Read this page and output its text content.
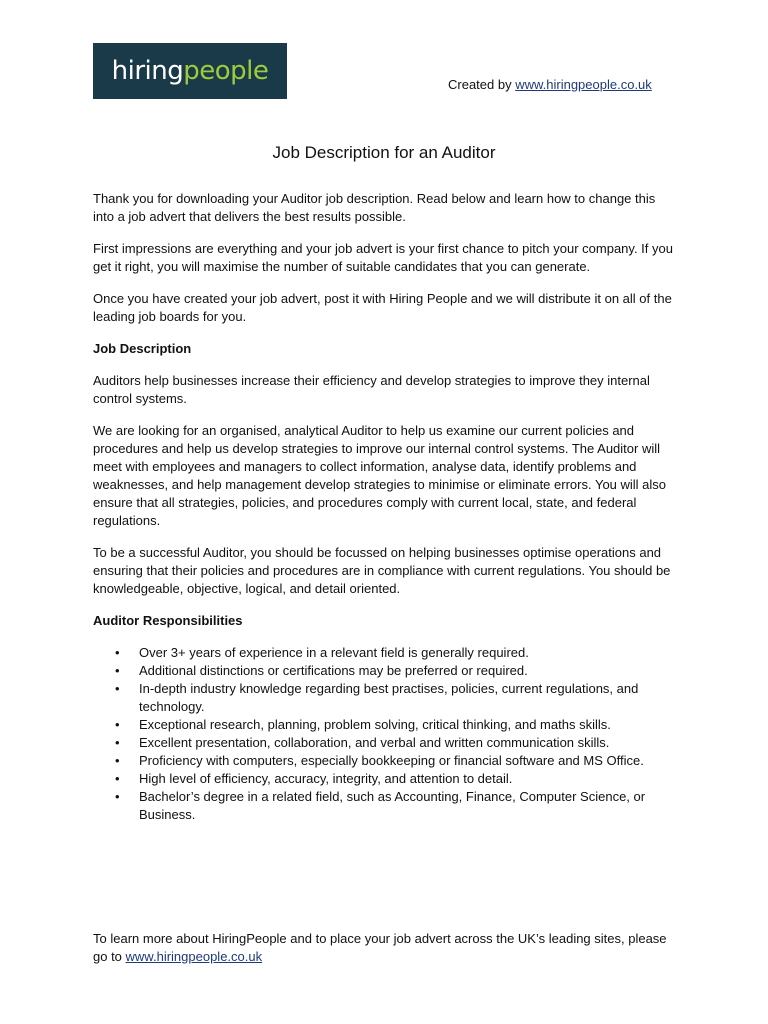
hiringpeople	Created by www.hiringpeople.co.uk
Job Description for an Auditor

Thank you for downloading your Auditor job description. Read below and learn how to change this into a job advert that delivers the best results possible.

First impressions are everything and your job advert is your first chance to pitch your company. If you get it right, you will maximise the number of suitable candidates that you can generate.

Once you have created your job advert, post it with Hiring People and we will distribute it on all of the leading job boards for you.

Job Description

Auditors help businesses increase their efficiency and develop strategies to improve they internal control systems.

We are looking for an organised, analytical Auditor to help us examine our current policies and procedures and help us develop strategies to improve our internal control systems. The Auditor will meet with employees and managers to collect information, analyse data, identify problems and weaknesses, and help management develop strategies to minimise or eliminate errors. You will also ensure that all strategies, policies, and procedures comply with current local, state, and federal regulations.

To be a successful Auditor, you should be focussed on helping businesses optimise operations and ensuring that their policies and procedures are in compliance with current regulations. You should be knowledgeable, objective, logical, and detail oriented.

Auditor Responsibilities
• Over 3+ years of experience in a relevant field is generally required.
• Additional distinctions or certifications may be preferred or required.
• In-depth industry knowledge regarding best practises, policies, current regulations, and technology.
• Exceptional research, planning, problem solving, critical thinking, and maths skills.
• Excellent presentation, collaboration, and verbal and written communication skills.
• Proficiency with computers, especially bookkeeping or financial software and MS Office.
• High level of efficiency, accuracy, integrity, and attention to detail.
• Bachelor’s degree in a related field, such as Accounting, Finance, Computer Science, or Business.

To learn more about HiringPeople and to place your job advert across the UK’s leading sites, please go to www.hiringpeople.co.uk
